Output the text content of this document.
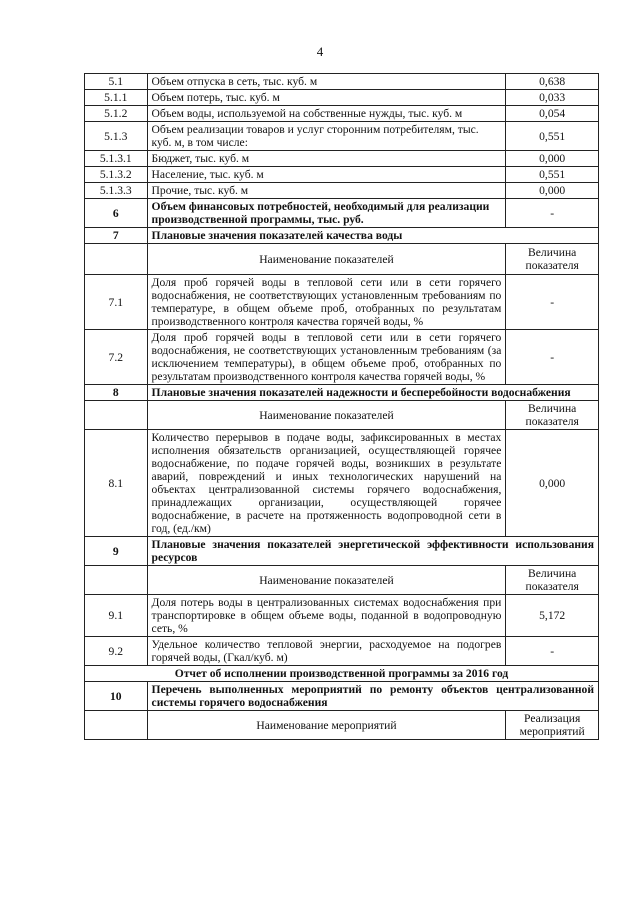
4
5.1	Объем отпуска в сеть, тыс. куб. м	0,638
5.1.1	Объем потерь, тыс. куб. м	0,033
5.1.2	Объем воды, используемой на собственные нужды, тыс. куб. м	0,054
5.1.3	Объем реализации товаров и услуг сторонним потребителям, тыс. куб. м, в том числе:	0,551
5.1.3.1	Бюджет, тыс. куб. м	0,000
5.1.3.2	Население, тыс. куб. м	0,551
5.1.3.3	Прочие, тыс. куб. м	0,000
6	Объем финансовых потребностей, необходимый для реализации производственной программы, тыс. руб.	-
7	Плановые значения показателей качества воды	
	Наименование показателей	Величина показателя
7.1	Доля проб горячей воды в тепловой сети или в сети горячего водоснабжения, не соответствующих установленным требованиям по температуре, в общем объеме проб, отобранных по результатам производственного контроля качества горячей воды, %	-
7.2	Доля проб горячей воды в тепловой сети или в сети горячего водоснабжения, не соответствующих установленным требованиям (за исключением температуры), в общем объеме проб, отобранных по результатам производственного контроля качества горячей воды, %	-
8	Плановые значения показателей надежности и бесперебойности водоснабжения	
	Наименование показателей	Величина показателя
8.1	Количество перерывов в подаче воды, зафиксированных в местах исполнения обязательств организацией, осуществляющей горячее водоснабжение, по подаче горячей воды, возникших в результате аварий, повреждений и иных технологических нарушений на объектах централизованной системы горячего водоснабжения, принадлежащих организации, осуществляющей горячее водоснабжение, в расчете на протяженность водопроводной сети в год, (ед./км)	0,000
9	Плановые значения показателей энергетической эффективности использования ресурсов	
	Наименование показателей	Величина показателя
9.1	Доля потерь воды в централизованных системах водоснабжения при транспортировке в общем объеме воды, поданной в водопроводную сеть, %	5,172
9.2	Удельное количество тепловой энергии, расходуемое на подогрев горячей воды, (Гкал/куб. м)	-
Отчет об исполнении производственной программы за 2016 год		
10	Перечень выполненных мероприятий по ремонту объектов централизованной системы горячего водоснабжения	
	Наименование мероприятий	Реализация мероприятий
